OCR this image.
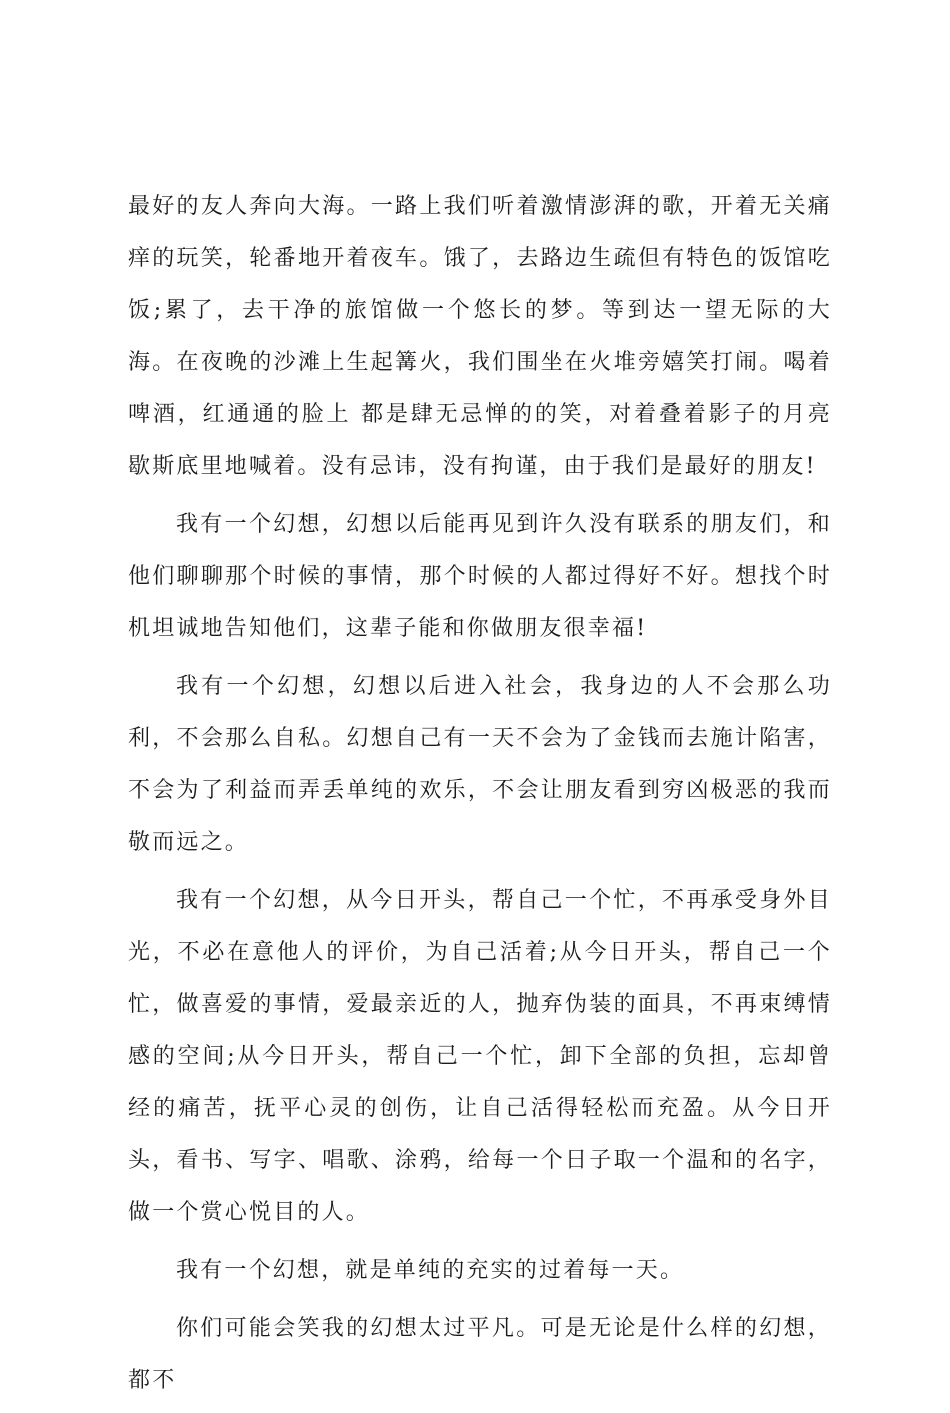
最好的友人奔向大海。一路上我们听着激情澎湃的歌，开着无关痛痒的玩笑，轮番地开着夜车。饿了，去路边生疏但有特色的饭馆吃饭;累了，去干净的旅馆做一个悠长的梦。等到达一望无际的大海。在夜晚的沙滩上生起篝火，我们围坐在火堆旁嬉笑打闹。喝着啤酒，红通通的脸上 都是肆无忌惮的的笑，对着叠着影子的月亮歇斯底里地喊着。没有忌讳，没有拘谨，由于我们是最好的朋友!

我有一个幻想，幻想以后能再见到许久没有联系的朋友们，和他们聊聊那个时候的事情，那个时候的人都过得好不好。想找个时机坦诚地告知他们，这辈子能和你做朋友很幸福!

我有一个幻想，幻想以后进入社会，我身边的人不会那么功利，不会那么自私。幻想自己有一天不会为了金钱而去施计陷害，不会为了利益而弄丢单纯的欢乐，不会让朋友看到穷凶极恶的我而敬而远之。

我有一个幻想，从今日开头，帮自己一个忙，不再承受身外目光，不必在意他人的评价，为自己活着;从今日开头，帮自己一个忙，做喜爱的事情，爱最亲近的人，抛弃伪装的面具，不再束缚情感的空间;从今日开头，帮自己一个忙，卸下全部的负担，忘却曾经的痛苦，抚平心灵的创伤，让自己活得轻松而充盈。从今日开头，看书、写字、唱歌、涂鸦，给每一个日子取一个温和的名字，做一个赏心悦目的人。

我有一个幻想，就是单纯的充实的过着每一天。

你们可能会笑我的幻想太过平凡。可是无论是什么样的幻想，都不
